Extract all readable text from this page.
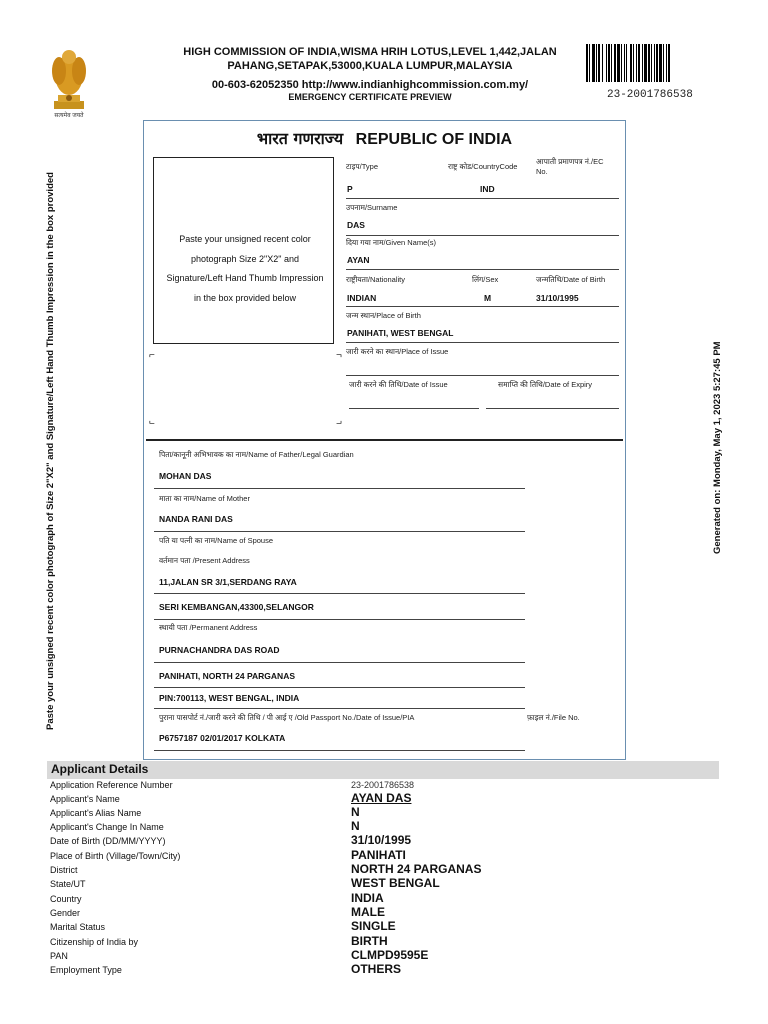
सत्यमेव जयते
HIGH COMMISSION OF INDIA,WISMA HRIH LOTUS,LEVEL 1,442,JALAN
PAHANG,SETAPAK,53000,KUALA LUMPUR,MALAYSIA
00-603-62052350 http://www.indianhighcommission.com.my/
EMERGENCY CERTIFICATE PREVIEW	23-2001786538
Paste your unsigned recent color photograph of Size 2"X2" and Signature/Left Hand Thumb Impression in the box provided	Generated on: Monday, May 1, 2023 5:27:45 PM
भारत गणराज्य REPUBLIC OF INDIA
Paste your unsigned recent color photograph Size 2"X2" and Signature/Left Hand Thumb Impression in the box provided below
⌐	⌐
⌐	⌐
टाइप/Type	राष्ट्र कोड/CountryCode
आपाती प्रमाणपत्र नं./EC No.
P	IND
उपनाम/Surname
DAS
दिया गया नाम/Given Name(s)
AYAN
राष्ट्रीयता/Nationality	लिंग/Sex	जन्मतिथि/Date of Birth
INDIAN	M	31/10/1995
जन्म स्थान/Place of Birth
PANIHATI, WEST BENGAL
जारी करने का स्थान/Place of Issue
जारी करने की तिथि/Date of Issue	समाप्ति की तिथि/Date of Expiry
पिता/कानूनी अभिभावक का नाम/Name of Father/Legal Guardian
MOHAN DAS
माता का नाम/Name of Mother
NANDA RANI DAS
पति या पत्नी का नाम/Name of Spouse
वर्तमान पता /Present Address
11,JALAN SR 3/1,SERDANG RAYA
SERI KEMBANGAN,43300,SELANGOR
स्थायी पता /Permanent Address
PURNACHANDRA DAS ROAD
PANIHATI, NORTH 24 PARGANAS
PIN:700113, WEST BENGAL, INDIA
पुराना पासपोर्ट नं./जारी करने की तिथि / पी आई ए /Old Passport No./Date of Issue/PIA	फ़ाइल नं./File No.
P6757187 02/01/2017 KOLKATA
Applicant Details
Application Reference Number	23-2001786538
Applicant's Name	AYAN DAS
Applicant's Alias Name	N
Applicant's Change In Name	N
Date of Birth (DD/MM/YYYY)	31/10/1995
Place of Birth (Village/Town/City)	PANIHATI
District	NORTH 24 PARGANAS
State/UT	WEST BENGAL
Country	INDIA
Gender	MALE
Marital Status	SINGLE
Citizenship of India by	BIRTH
PAN	CLMPD9595E
Employment Type	OTHERS
